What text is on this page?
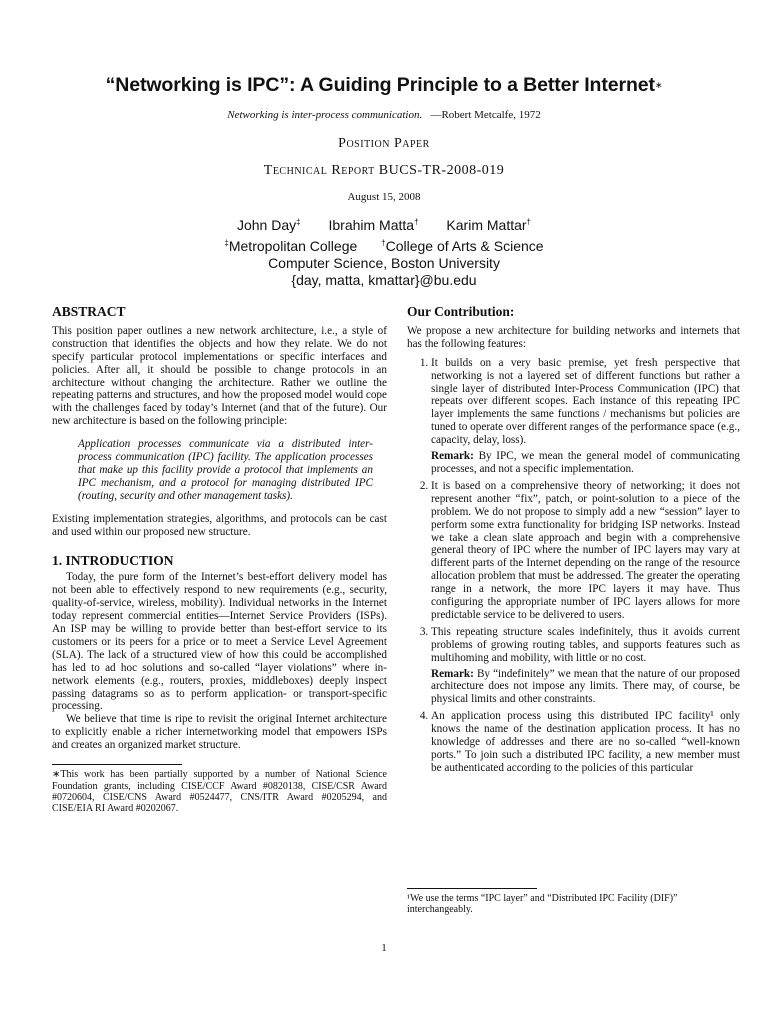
“Networking is IPC”: A Guiding Principle to a Better Internet∗
Networking is inter-process communication. —Robert Metcalfe, 1972
Position Paper
Technical Report BUCS-TR-2008-019
August 15, 2008
John Day‡ Ibrahim Matta† Karim Mattar†
‡Metropolitan College	†College of Arts & Science
Computer Science, Boston University
{day, matta, kmattar}@bu.edu
ABSTRACT

This position paper outlines a new network architecture, i.e., a style of construction that identifies the objects and how they relate. We do not specify particular protocol implementations or specific interfaces and policies. After all, it should be possible to change protocols in an architecture without changing the architecture. Rather we outline the repeating patterns and structures, and how the proposed model would cope with the challenges faced by today’s Internet (and that of the future). Our new architecture is based on the following principle:

Application processes communicate via a distributed inter-process communication (IPC) facility. The application processes that make up this facility provide a protocol that implements an IPC mechanism, and a protocol for managing distributed IPC (routing, security and other management tasks).

Existing implementation strategies, algorithms, and protocols can be cast and used within our proposed new structure.

1. INTRODUCTION

Today, the pure form of the Internet’s best-effort delivery model has not been able to effectively respond to new requirements (e.g., security, quality-of-service, wireless, mobility). Individual networks in the Internet today represent commercial entities—Internet Service Providers (ISPs). An ISP may be willing to provide better than best-effort service to its customers or its peers for a price or to meet a Service Level Agreement (SLA). The lack of a structured view of how this could be accomplished has led to ad hoc solutions and so-called “layer violations” where in-network elements (e.g., routers, proxies, middleboxes) deeply inspect passing datagrams so as to perform application- or transport-specific processing.

We believe that time is ripe to revisit the original Internet architecture to explicitly enable a richer internetworking model that empowers ISPs and creates an organized market structure.

∗This work has been partially supported by a number of National Science Foundation grants, including CISE/CCF Award #0820138, CISE/CSR Award #0720604, CISE/CNS Award #0524477, CNS/ITR Award #0205294, and CISE/EIA RI Award #0202067.

Our Contribution:

We propose a new architecture for building networks and internets that has the following features:

1. It builds on a very basic premise, yet fresh perspective that networking is not a layered set of different functions but rather a single layer of distributed Inter-Process Communication (IPC) that repeats over different scopes. Each instance of this repeating IPC layer implements the same functions / mechanisms but policies are tuned to operate over different ranges of the performance space (e.g., capacity, delay, loss).

Remark: By IPC, we mean the general model of communicating processes, and not a specific implementation.

2. It is based on a comprehensive theory of networking; it does not represent another “fix”, patch, or point-solution to a piece of the problem. We do not propose to simply add a new “session” layer to perform some extra functionality for bridging ISP networks. Instead we take a clean slate approach and begin with a comprehensive general theory of IPC where the number of IPC layers may vary at different parts of the Internet depending on the range of the resource allocation problem that must be addressed. The greater the operating range in a network, the more IPC layers it may have. Thus configuring the appropriate number of IPC layers allows for more predictable service to be delivered to users.

3. This repeating structure scales indefinitely, thus it avoids current problems of growing routing tables, and supports features such as multihoming and mobility, with little or no cost.

Remark: By “indefinitely” we mean that the nature of our proposed architecture does not impose any limits. There may, of course, be physical limits and other constraints.

4. An application process using this distributed IPC facility¹ only knows the name of the destination application process. It has no knowledge of addresses and there are no so-called “well-known ports.” To join such a distributed IPC facility, a new member must be authenticated according to the policies of this particular

¹We use the terms “IPC layer” and “Distributed IPC Facility (DIF)” interchangeably.

1
